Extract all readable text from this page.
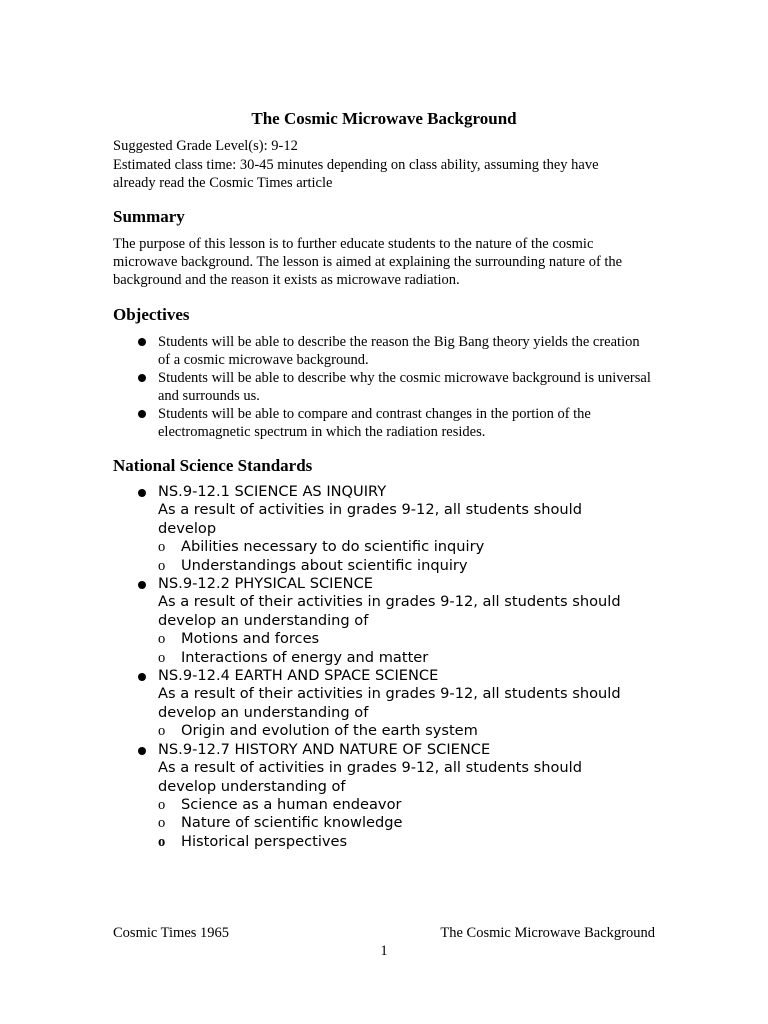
The Cosmic Microwave Background
Suggested Grade Level(s): 9-12
Estimated class time: 30-45 minutes depending on class ability, assuming they have
already read the Cosmic Times article
Summary
The purpose of this lesson is to further educate students to the nature of the cosmic microwave background. The lesson is aimed at explaining the surrounding nature of the background and the reason it exists as microwave radiation.
Objectives
Students will be able to describe the reason the Big Bang theory yields the creation of a cosmic microwave background.
Students will be able to describe why the cosmic microwave background is universal and surrounds us.
Students will be able to compare and contrast changes in the portion of the electromagnetic spectrum in which the radiation resides.
National Science Standards
NS.9-12.1 SCIENCE AS INQUIRY
As a result of activities in grades 9-12, all students should
develop
o Abilities necessary to do scientific inquiry
o Understandings about scientific inquiry
NS.9-12.2 PHYSICAL SCIENCE
As a result of their activities in grades 9-12, all students should
develop an understanding of
o Motions and forces
o Interactions of energy and matter
NS.9-12.4 EARTH AND SPACE SCIENCE
As a result of their activities in grades 9-12, all students should
develop an understanding of
o Origin and evolution of the earth system
NS.9-12.7 HISTORY AND NATURE OF SCIENCE
As a result of activities in grades 9-12, all students should
develop understanding of
o Science as a human endeavor
o Nature of scientific knowledge
o Historical perspectives
Cosmic Times 1965	The Cosmic Microwave Background
1
